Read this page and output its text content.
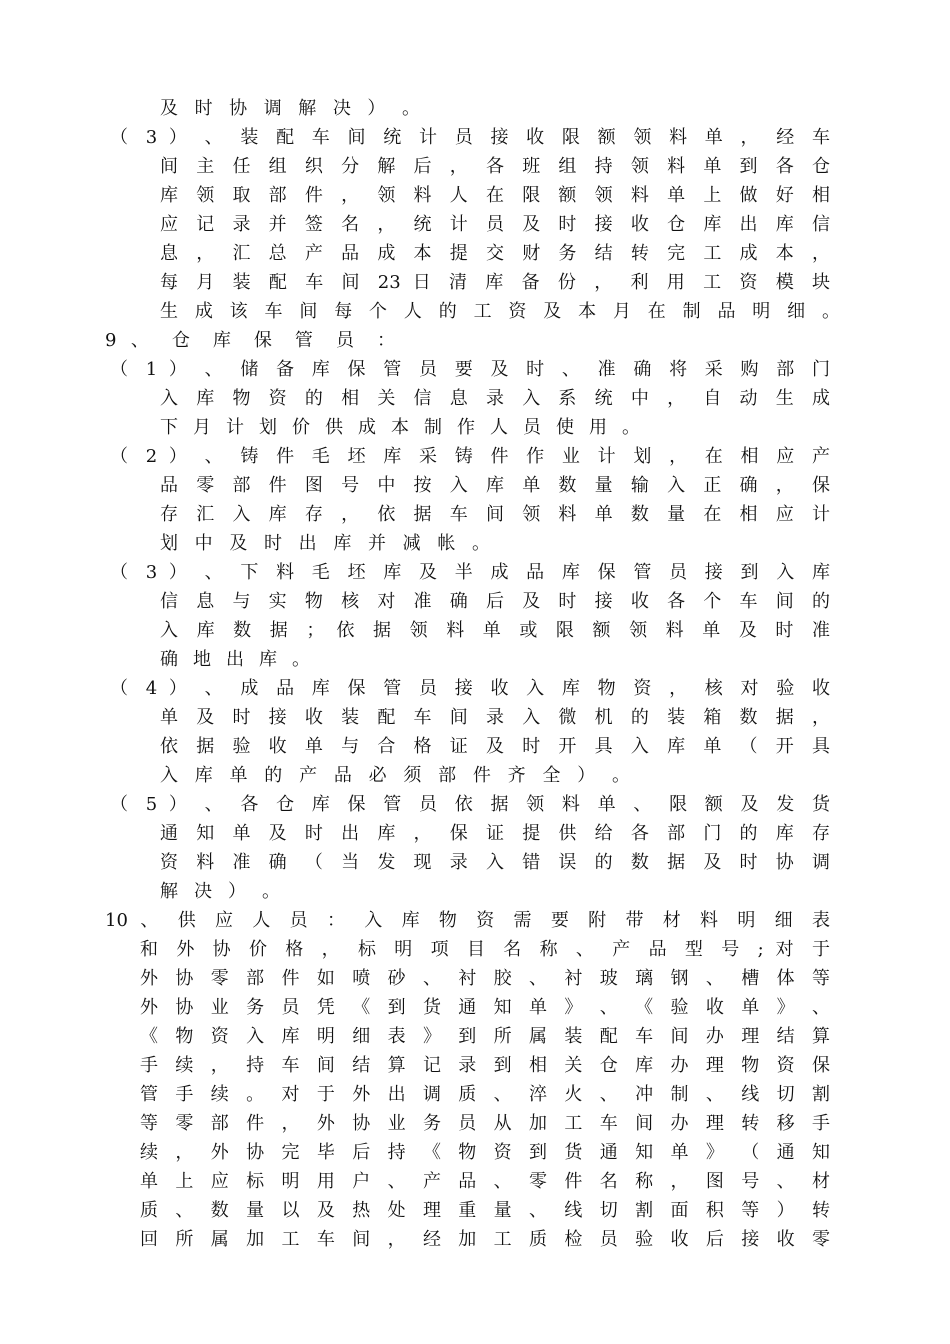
及 时 协 调 解 决 ） 。
（ 3 ） 、 装 配 车 间 统 计 员 接 收 限 额 领 料 单 ， 经 车
间 主 任 组 织 分 解 后 ， 各 班 组 持 领 料 单 到 各 仓
库 领 取 部 件 ， 领 料 人 在 限 额 领 料 单 上 做 好 相
应 记 录 并 签 名 ， 统 计 员 及 时 接 收 仓 库 出 库 信
息 ， 汇 总 产 品 成 本 提 交 财 务 结 转 完 工 成 本 ，
每 月 装 配 车 间 23 日 清 库 备 份 ， 利 用 工 资 模 块
生 成 该 车 间 每 个 人 的 工 资 及 本 月 在 制 品 明 细 。
9 、 仓 库 保 管 员 ：
（ 1 ） 、 储 备 库 保 管 员 要 及 时 、 准 确 将 采 购 部 门
入 库 物 资 的 相 关 信 息 录 入 系 统 中 ， 自 动 生 成
下 月 计 划 价 供 成 本 制 作 人 员 使 用 。
（ 2 ） 、 铸 件 毛 坯 库 采 铸 件 作 业 计 划 ， 在 相 应 产
品 零 部 件 图 号 中 按 入 库 单 数 量 输 入 正 确 ， 保
存 汇 入 库 存 ， 依 据 车 间 领 料 单 数 量 在 相 应 计
划 中 及 时 出 库 并 减 帐 。
（ 3 ） 、 下 料 毛 坯 库 及 半 成 品 库 保 管 员 接 到 入 库
信 息 与 实 物 核 对 准 确 后 及 时 接 收 各 个 车 间 的
入 库 数 据 ； 依 据 领 料 单 或 限 额 领 料 单 及 时 准
确 地 出 库 。
（ 4 ） 、 成 品 库 保 管 员 接 收 入 库 物 资 ， 核 对 验 收
单 及 时 接 收 装 配 车 间 录 入 微 机 的 装 箱 数 据 ，
依 据 验 收 单 与 合 格 证 及 时 开 具 入 库 单 （ 开 具
入 库 单 的 产 品 必 须 部 件 齐 全 ） 。
（ 5 ） 、 各 仓 库 保 管 员 依 据 领 料 单 、 限 额 及 发 货
通 知 单 及 时 出 库 ， 保 证 提 供 给 各 部 门 的 库 存
资 料 准 确 （ 当 发 现 录 入 错 误 的 数 据 及 时 协 调
解 决 ） 。
10 、 供 应 人 员 ： 入 库 物 资 需 要 附 带 材 料 明 细 表
和 外 协 价 格 ， 标 明 项 目 名 称 、 产 品 型 号 ; 对 于
外 协 零 部 件 如 喷 砂 、 衬 胶 、 衬 玻 璃 钢 、 槽 体 等
外 协 业 务 员 凭 《 到 货 通 知 单 》 、 《 验 收 单 》 、
《 物 资 入 库 明 细 表 》 到 所 属 装 配 车 间 办 理 结 算
手 续 ， 持 车 间 结 算 记 录 到 相 关 仓 库 办 理 物 资 保
管 手 续 。 对 于 外 出 调 质 、 淬 火 、 冲 制 、 线 切 割
等 零 部 件 ， 外 协 业 务 员 从 加 工 车 间 办 理 转 移 手
续 ， 外 协 完 毕 后 持 《 物 资 到 货 通 知 单 》 （ 通 知
单 上 应 标 明 用 户 、 产 品 、 零 件 名 称 ， 图 号 、 材
质 、 数 量 以 及 热 处 理 重 量 、 线 切 割 面 积 等 ） 转
回 所 属 加 工 车 间 ， 经 加 工 质 检 员 验 收 后 接 收 零
